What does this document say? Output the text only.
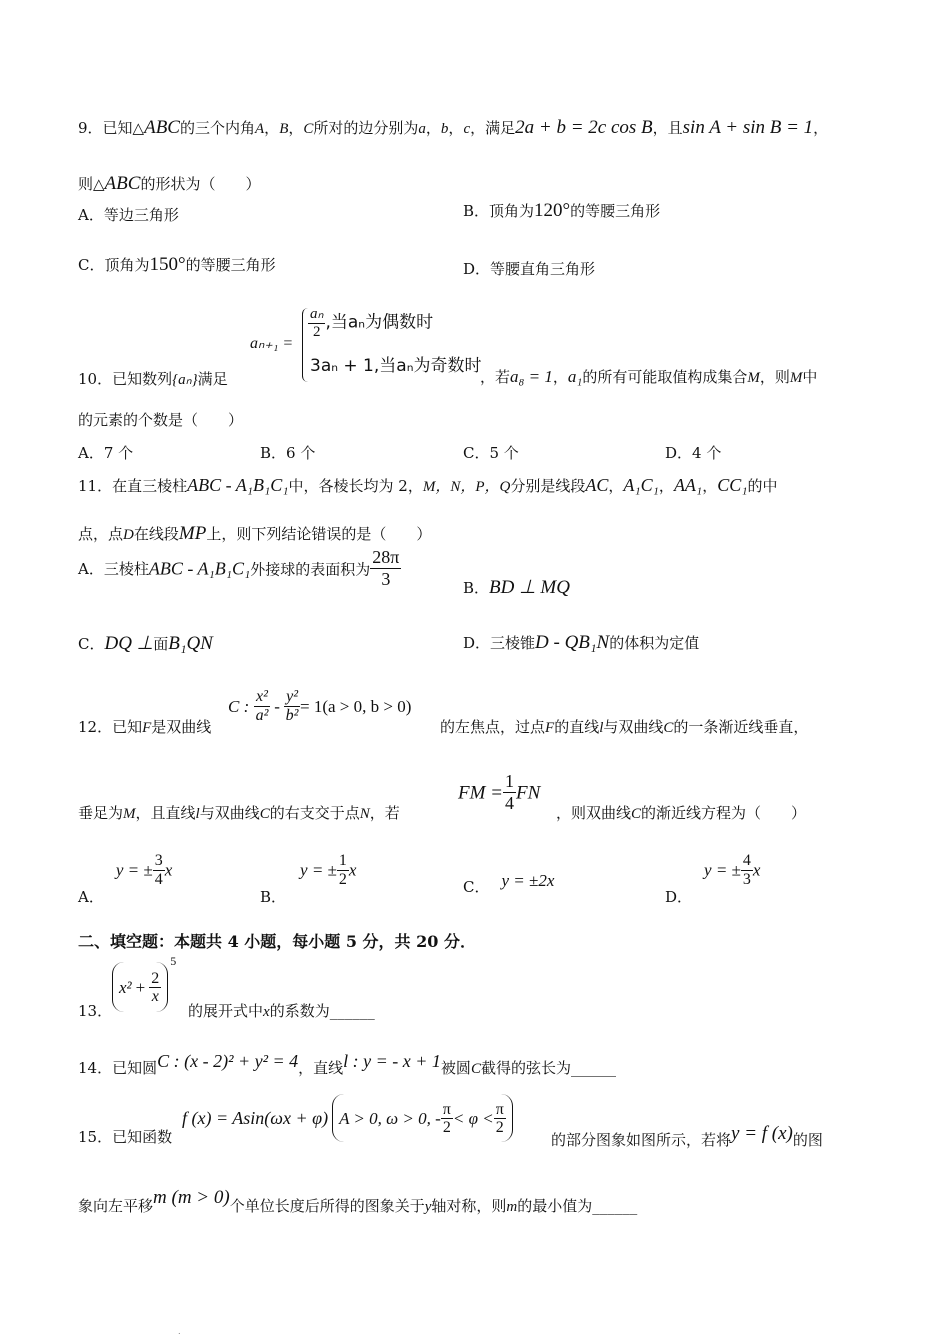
9．已知△ABC的三个内角A，B，C所对的边分别为a，b，c，满足2a + b = 2c cos B，且sin A + sin B = 1，
则△ABC的形状为（　　）
A．等边三角形	B．顶角为120°的等腰三角形
C．顶角为150°的等腰三角形	D．等腰直角三角形
10．已知数列{aₙ}满足
aₙ₊₁ =
$\frac{\text{aₙ}}{2}$ ,当aₙ为偶数时
3aₙ + 1,当aₙ为奇数时
，若a₈ = 1，a₁的所有可能取值构成集合M，则M中
的元素的个数是（　　）
A．7 个	B．6 个	C．5 个	D．4 个
11．在直三棱柱ABC - A₁B₁C₁中，各棱长均为 2，M，N，P，Q分别是线段AC，A₁C₁，AA₁，CC₁的中
点，点D在线段MP上，则下列结论错误的是（　　）
A．三棱柱ABC - A₁B₁C₁外接球的表面积为 $\frac{28\pi}{3}$	B．BD ⊥ MQ
C．DQ ⊥面B₁QN	D．三棱锥D - QB₁N的体积为定值
12．已知F是双曲线
C : $\frac{\text{x²}}{\text{a²}} - \frac{\text{y²}}{\text{b²}} = 1(a > 0$, b > 0)
的左焦点，过点F的直线l与双曲线C的一条渐近线垂直，
垂足为M，且直线l与双曲线C的右支交于点N，若
FM = $\frac{1}{4}$ FN
，则双曲线C的渐近线方程为（　　）
A．y = ± $\frac{3}{4}$ x
B．y = ± $\frac{1}{2}$ x
C． y = ±2x
D．y = ± $\frac{4}{3}$ x
二、填空题：本题共 4 小题，每小题 5 分，共 20 分．
13．
$x^2 + \frac{2}{x}$
$^5$
的展开式中x的系数为______
14．已知圆C : (x - 2)² + y² = 4，直线l : y = - x + 1被圆C截得的弦长为______
15．已知函数
f (x) = Asin(ωx + φ) A > 0, ω > 0, - $\frac{\pi}{2} < \varphi < \frac{\pi}{2}$
的部分图象如图所示，若将y = f (x)的图
象向左平移m (m > 0)个单位长度后所得的图象关于y轴对称，则m的最小值为______
.
